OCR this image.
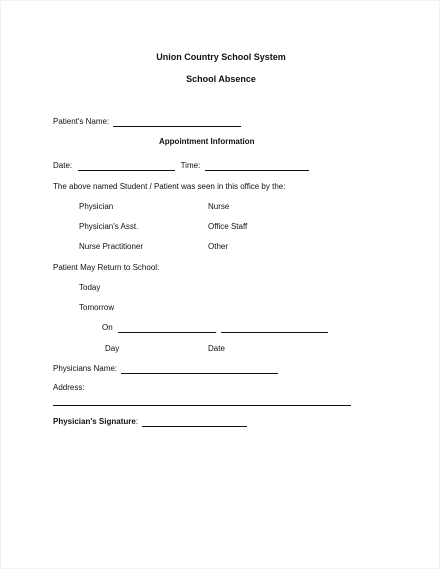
Union Country School System
School Absence
Patient's Name:
Appointment Information
Date:	Time:
The above named Student / Patient was seen in this office by the:
Physician	Nurse
Physician's Asst.	Office Staff
Nurse Practitioner	Other
Patient May Return to School:
Today
Tomorrow
On
Day	Date
Physicians Name:
Address:
Physician's Signature:
